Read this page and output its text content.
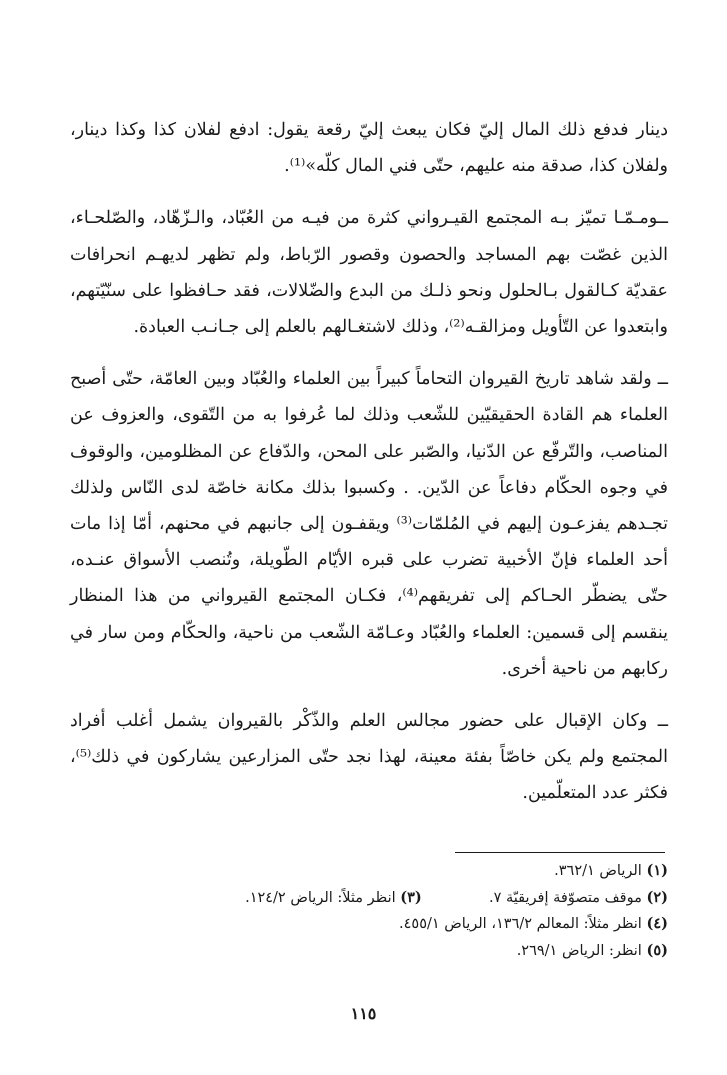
دينار فدفع ذلك المال إليّ فكان يبعث إليّ رقعة يقول: ادفع لفلان كذا وكذا دينار، ولفلان كذا، صدقة منه عليهم، حتّى فني المال كلّه»⁽¹⁾.

ــومـمّـا تميّز بـه المجتمع القيـرواني كثرة من فيـه من العُبّاد، والـزّهّاد، والصّلحـاء، الذين غصّت بهم المساجد والحصون وقصور الرّباط، ولم تظهر لديهـم انحرافات عقديّة كـالقول بـالحلول ونحو ذلـك من البدع والضّلالات، فقد حـافظوا على سنّيّتهم، وابتعدوا عن التّأويل ومزالقـه⁽²⁾، وذلك لاشتغـالهم بالعلم إلى جـانـب العبادة.

ــ ولقد شاهد تاريخ القيروان التحاماً كبيراً بين العلماء والعُبّاد وبين العامّة، حتّى أصبح العلماء هم القادة الحقيقيّين للشّعب وذلك لما عُرفوا به من التّقوى، والعزوف عن المناصب، والتّرفّع عن الدّنيا، والصّبر على المحن، والدّفاع عن المظلومين، والوقوف في وجوه الحكّام دفاعاً عن الدّين. . وكسبوا بذلك مكانة خاصّة لدى النّاس ولذلك تجـدهم يفزعـون إليهم في المُلمّات⁽³⁾ ويقفـون إلى جانبهم في محنهم، أمّا إذا مات أحد العلماء فإنّ الأخبية تضرب على قبره الأيّام الطّويلة، وتُنصب الأسواق عنـده، حتّى يضطّر الحـاكم إلى تفريقهم⁽⁴⁾، فكـان المجتمع القيرواني من هذا المنظار ينقسم إلى قسمين: العلماء والعُبّاد وعـامّة الشّعب من ناحية، والحكّام ومن سار في ركابهم من ناحية أخرى.

ــ وكان الإقبال على حضور مجالس العلم والذّكْر بالقيروان يشمل أغلب أفراد المجتمع ولم يكن خاصّاً بفئة معينة، لهذا نجد حتّى المزارعين يشاركون في ذلك⁽⁵⁾، فكثر عدد المتعلّمين.

(١) الرياض ٣٦٢/١.
(٢) موقف متصوّفة إفريقيّة ٧.  (٣) انظر مثلاً: الرياض ١٢٤/٢.
(٤) انظر مثلاً: المعالم ١٣٦/٢، الرياض ٤٥٥/١.
(٥) انظر: الرياض ٢٦٩/١.
١١٥
